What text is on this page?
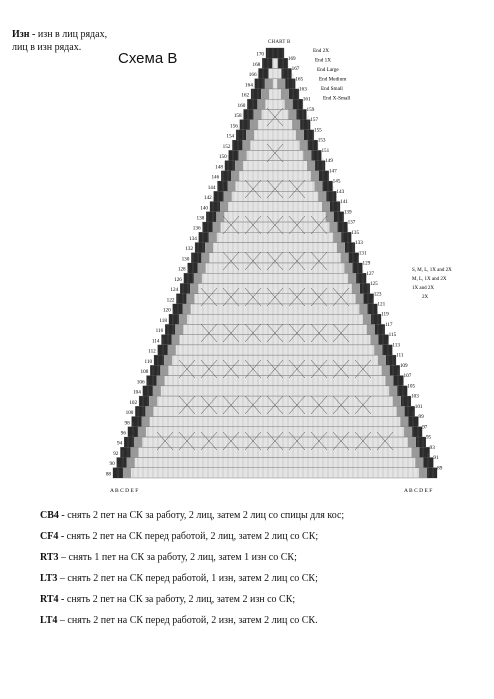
Изн - изн в лиц рядах, лиц в изн рядах.
Схема В	170
168
166
164
162
160
158
156
154
152
150
148
146
144
142
140
138
136
134
132
130
128
126
124
122
120
118
116
114
112
110
108
106
104
102
100
98
96
94
92
90
88
169
167
165
163
161
159
157
155
153
151
149
147
145
143
141
139
137
135
133
131
129
127
125
123
121
119
117
115
113
111
109
107
105
103
101
99
97
95
93
91
89
End 2X
End 1X
End Large
End Medium
End Small
End X-Small
S, M, L, 1X and 2X
M, L, 1X and 2X
1X and 2X
2X
A B C D E F	A B C D E F
CHART B
CB4 - снять 2 пет на СК за работу, 2 лиц, затем 2 лиц со спицы для кос;
CF4 - снять 2 пет на СК перед работой, 2 лиц, затем 2 лиц со СК;
RT3 – снять 1 пет на СК за работу, 2 лиц, затем 1 изн со СК;
LT3 – снять 2 пет на СК перед работой, 1 изн, затем 2 лиц со СК;
RT4 - снять 2 пет на СК за работу, 2 лиц, затем 2 изн со СК;
LT4 – снять 2 пет на СК перед работой, 2 изн, затем 2 лиц со СК.
